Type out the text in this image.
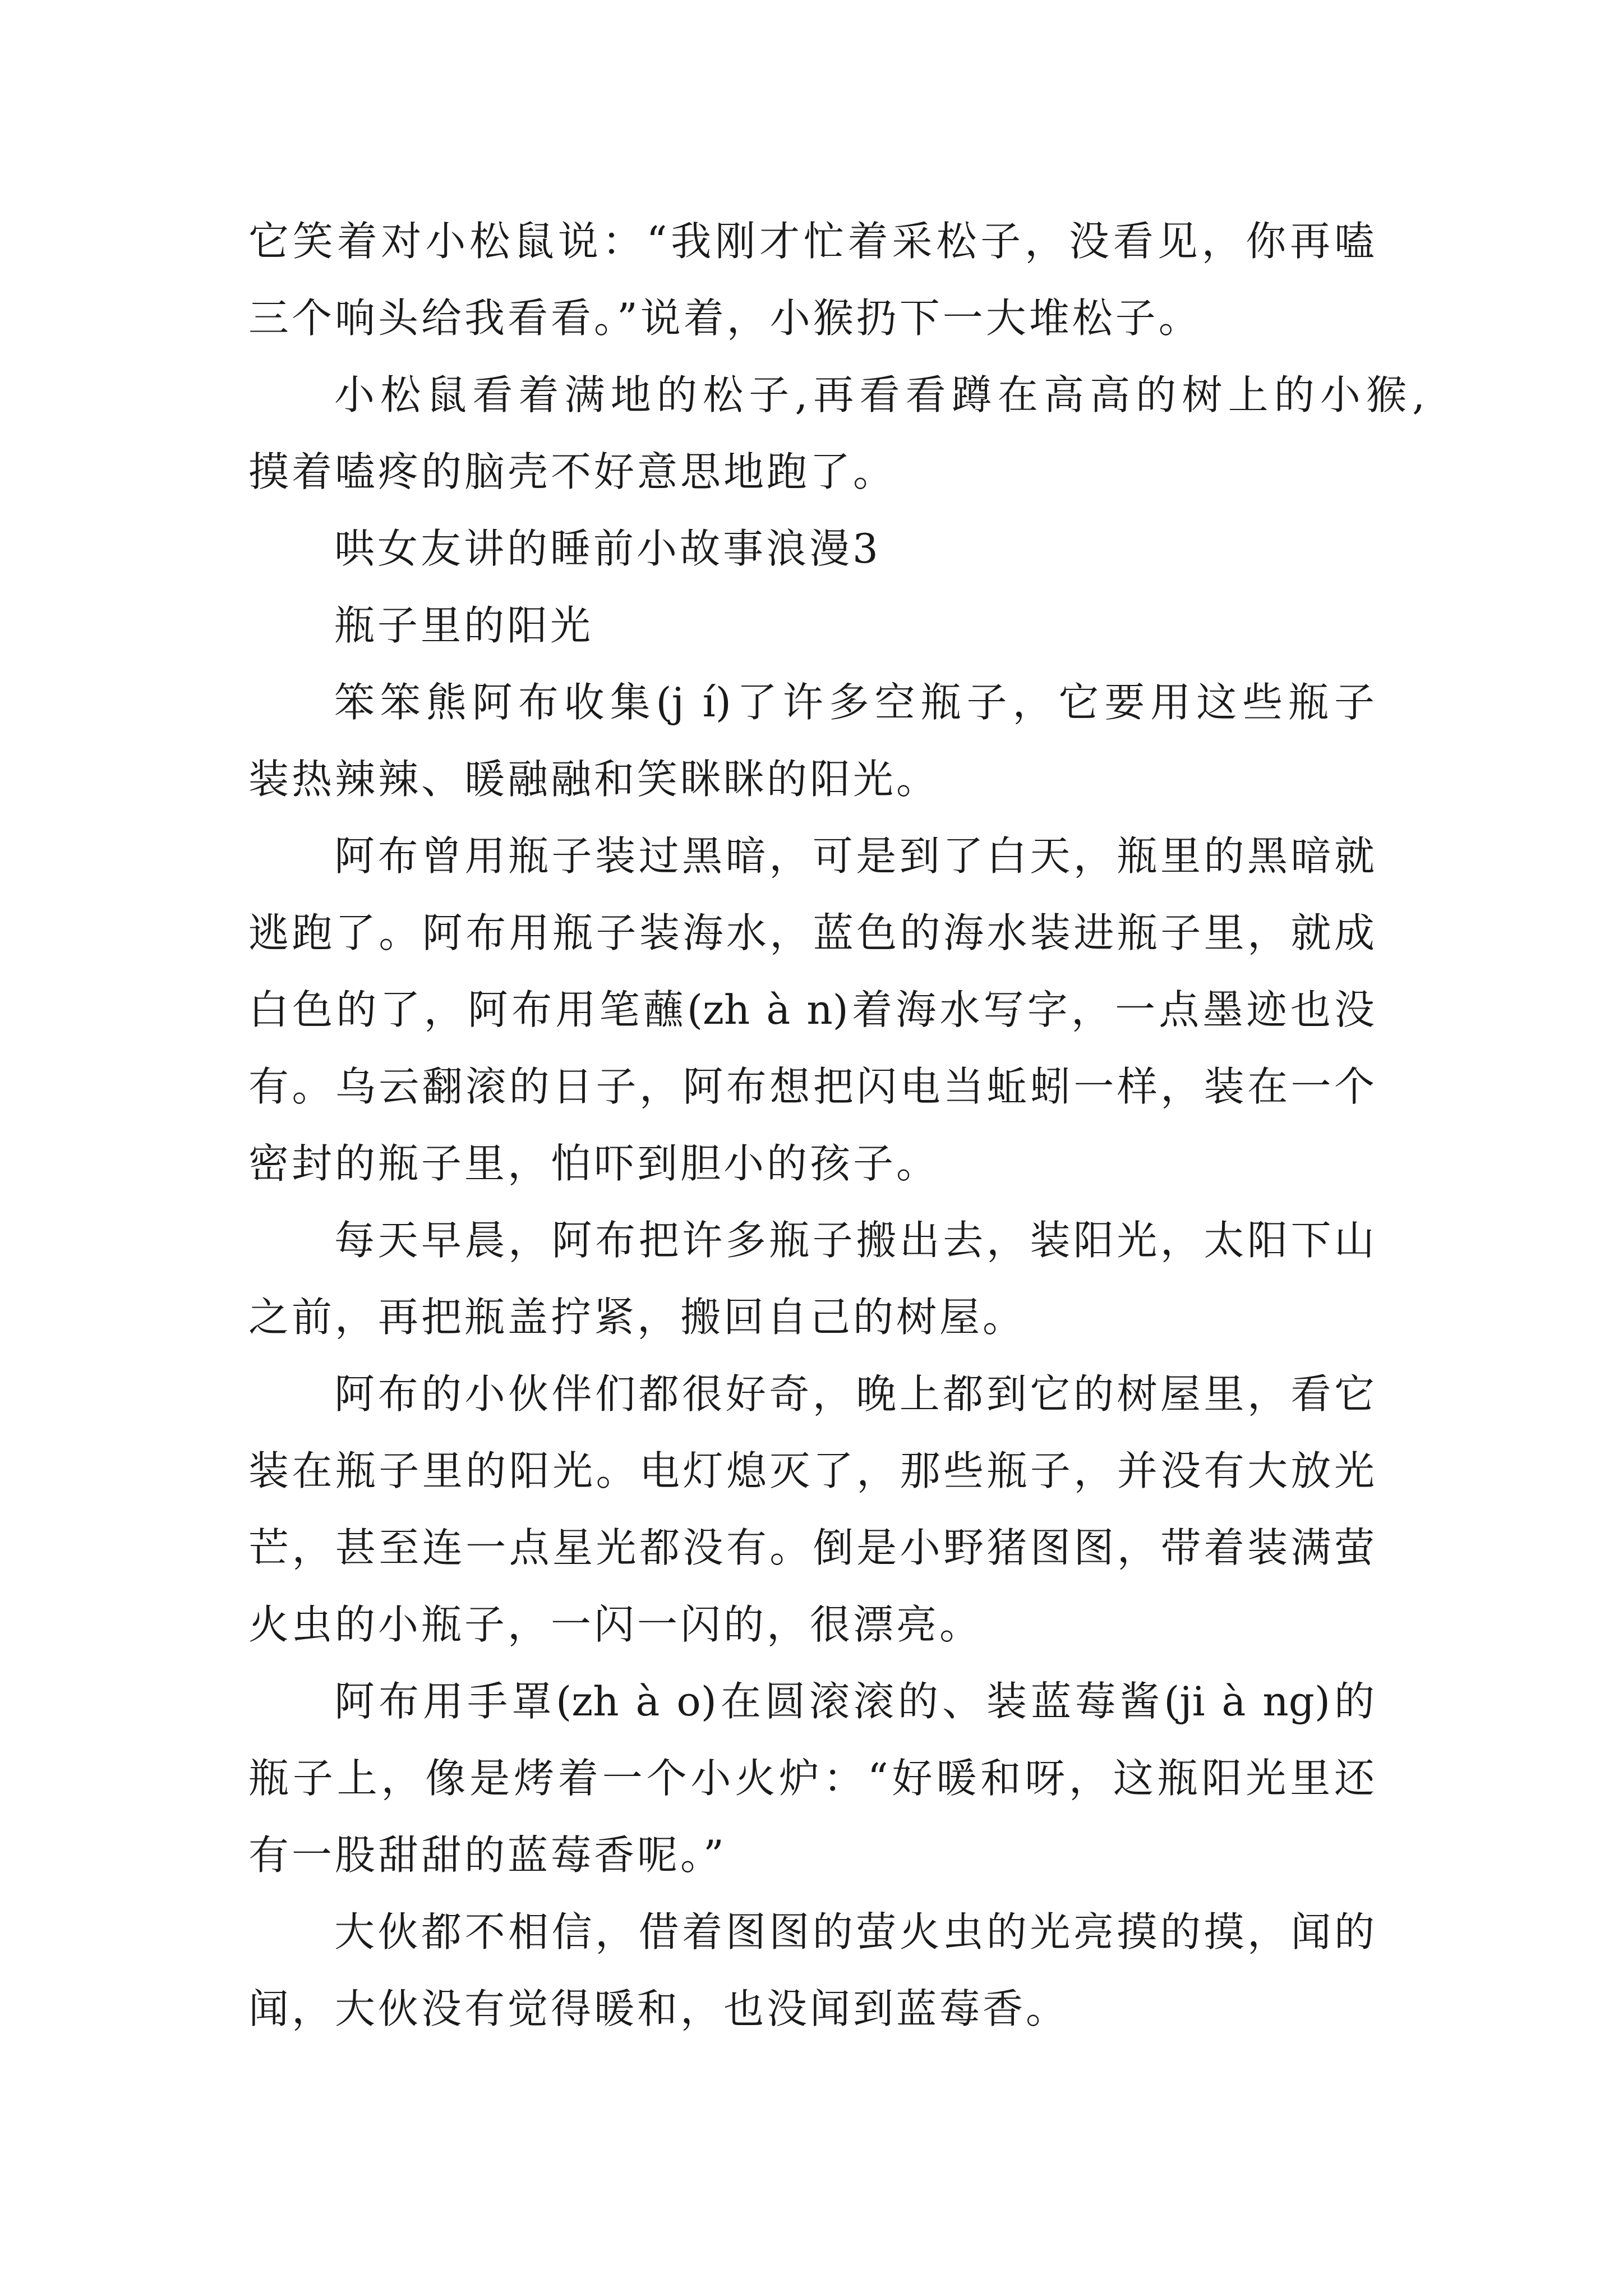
它笑着对小松鼠说：“我刚才忙着采松子，没看见，你再嗑
三个响头给我看看。”说着，小猴扔下一大堆松子。
小松鼠看着满地的松子,再看看蹲在高高的树上的小猴,
摸着嗑疼的脑壳不好意思地跑了。
哄女友讲的睡前小故事浪漫3
瓶子里的阳光
笨笨熊阿布收集(j í)了许多空瓶子，它要用这些瓶子
装热辣辣、暖融融和笑眯眯的阳光。
阿布曾用瓶子装过黑暗，可是到了白天，瓶里的黑暗就
逃跑了。阿布用瓶子装海水，蓝色的海水装进瓶子里，就成
白色的了，阿布用笔蘸(zh à n)着海水写字，一点墨迹也没
有。乌云翻滚的日子，阿布想把闪电当蚯蚓一样，装在一个
密封的瓶子里，怕吓到胆小的孩子。
每天早晨，阿布把许多瓶子搬出去，装阳光，太阳下山
之前，再把瓶盖拧紧，搬回自己的树屋。
阿布的小伙伴们都很好奇，晚上都到它的树屋里，看它
装在瓶子里的阳光。电灯熄灭了，那些瓶子，并没有大放光
芒，甚至连一点星光都没有。倒是小野猪图图，带着装满萤
火虫的小瓶子，一闪一闪的，很漂亮。
阿布用手罩(zh à o)在圆滚滚的、装蓝莓酱(ji à ng)的
瓶子上，像是烤着一个小火炉：“好暖和呀，这瓶阳光里还
有一股甜甜的蓝莓香呢。”
大伙都不相信，借着图图的萤火虫的光亮摸的摸，闻的
闻，大伙没有觉得暖和，也没闻到蓝莓香。
